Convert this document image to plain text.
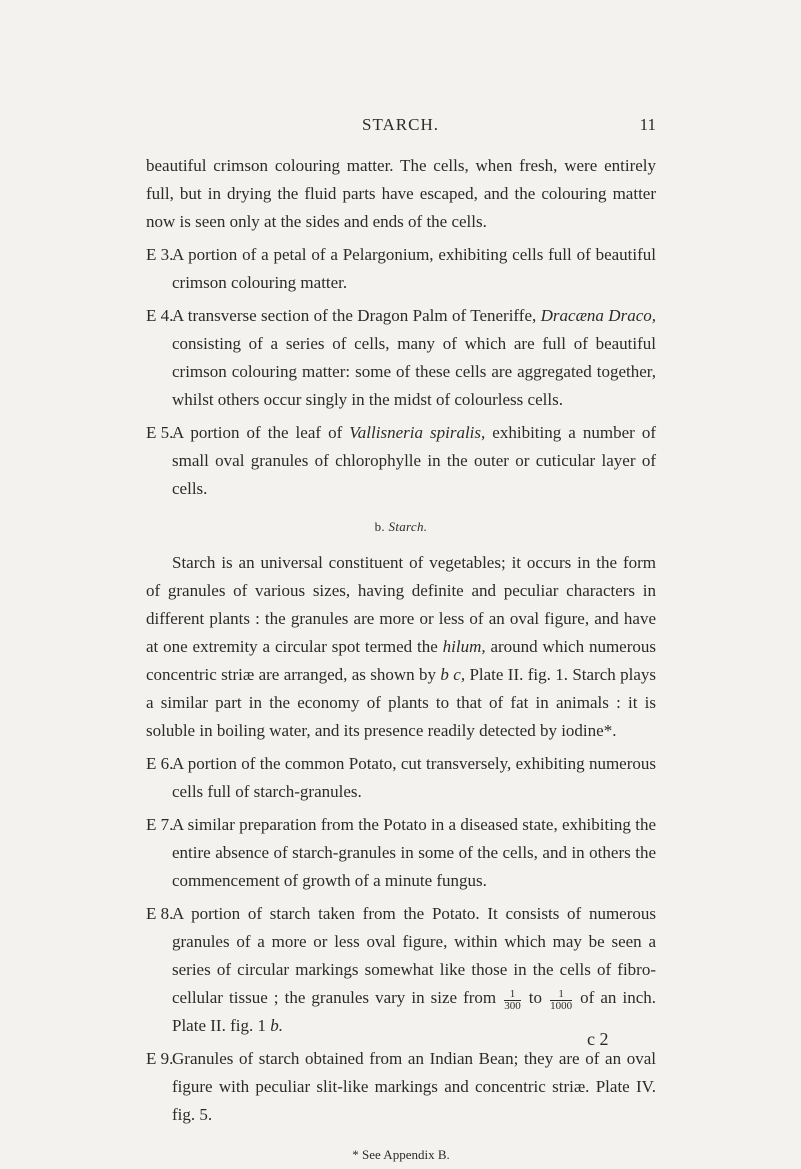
STARCH.	11

beautiful crimson colouring matter. The cells, when fresh, were entirely full, but in drying the fluid parts have escaped, and the colouring matter now is seen only at the sides and ends of the cells.

E 3.
A portion of a petal of a Pelargonium, exhibiting cells full of beautiful crimson colouring matter.
E 4.
A transverse section of the Dragon Palm of Teneriffe, Dracæna Draco, consisting of a series of cells, many of which are full of beautiful crimson colouring matter: some of these cells are aggregated together, whilst others occur singly in the midst of colourless cells.
E 5.
A portion of the leaf of Vallisneria spiralis, exhibiting a number of small oval granules of chlorophylle in the outer or cuticular layer of cells.
b. Starch.

Starch is an universal constituent of vegetables; it occurs in the form of granules of various sizes, having definite and peculiar characters in different plants : the granules are more or less of an oval figure, and have at one extremity a circular spot termed the hilum, around which numerous concentric striæ are arranged, as shown by b c, Plate II. fig. 1. Starch plays a similar part in the economy of plants to that of fat in animals : it is soluble in boiling water, and its presence readily detected by iodine*.

E 6.
A portion of the common Potato, cut transversely, exhibiting numerous cells full of starch-granules.
E 7.
A similar preparation from the Potato in a diseased state, exhibiting the entire absence of starch-granules in some of the cells, and in others the commencement of growth of a minute fungus.
E 8.
A portion of starch taken from the Potato. It consists of numerous granules of a more or less oval figure, within which may be seen a series of circular markings somewhat like those in the cells of fibro-cellular tissue ; the granules vary in size from $\frac{1}{300}$ to $\frac{1}{1000}$ of an inch. Plate II. fig. 1 b.
E 9.
Granules of starch obtained from an Indian Bean; they are of an oval figure with peculiar slit-like markings and concentric striæ. Plate IV. fig. 5.
* See Appendix B.
c 2
